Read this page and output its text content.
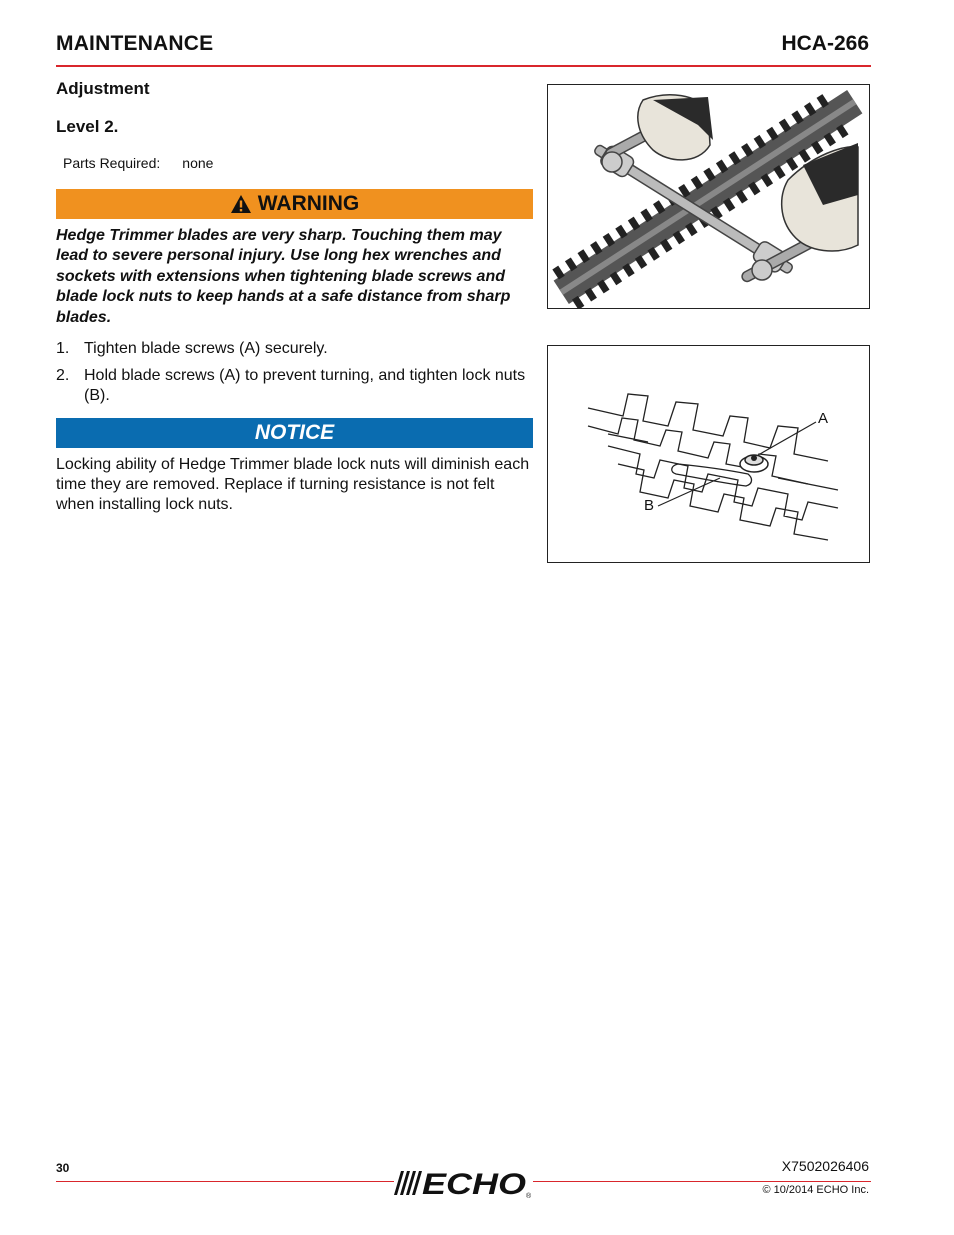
MAINTENANCE	HCA-266
Adjustment
Level 2.
Parts Required: none
WARNING
Hedge Trimmer blades are very sharp. Touching them may lead to severe personal injury. Use long hex wrenches and sockets with extensions when tightening blade screws and blade lock nuts to keep hands at a safe distance from sharp blades.
1. Tighten blade screws (A) securely.
2. Hold blade screws (A) to prevent turning, and tighten lock nuts (B).
NOTICE
Locking ability of Hedge Trimmer blade lock nuts will diminish each time they are removed. Replace if turning resistance is not felt when installing lock nuts.
A
B
30	X7502026406
© 10/2014 ECHO Inc.
ECHO ®
